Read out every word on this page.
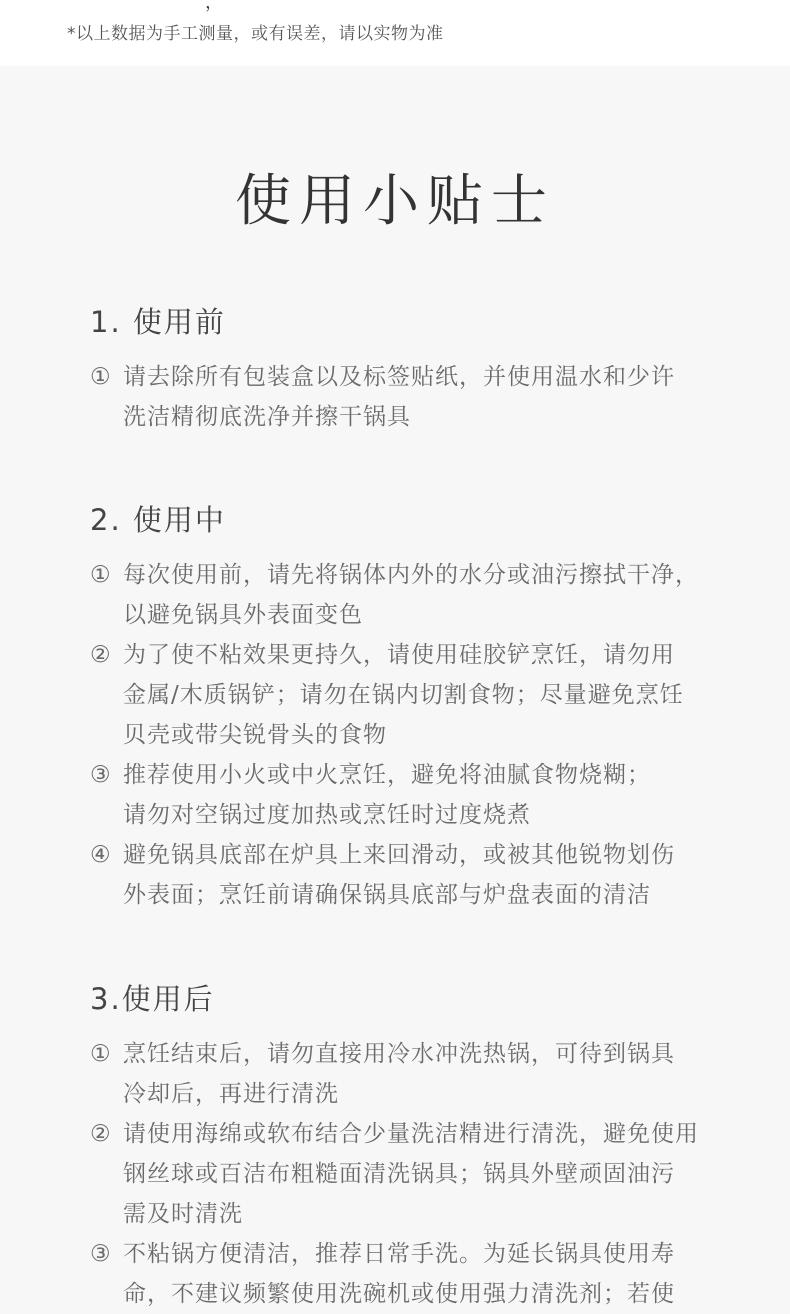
，
*以上数据为手工测量，或有误差，请以实物为准
使用小贴士
1. 使用前
① 请去除所有包装盒以及标签贴纸，并使用温水和少许
洗洁精彻底洗净并擦干锅具
2. 使用中
① 每次使用前，请先将锅体内外的水分或油污擦拭干净，
以避免锅具外表面变色
② 为了使不粘效果更持久，请使用硅胶铲烹饪，请勿用
金属/木质锅铲；请勿在锅内切割食物；尽量避免烹饪
贝壳或带尖锐骨头的食物
③ 推荐使用小火或中火烹饪，避免将油腻食物烧糊；
请勿对空锅过度加热或烹饪时过度烧煮
④ 避免锅具底部在炉具上来回滑动，或被其他锐物划伤
外表面；烹饪前请确保锅具底部与炉盘表面的清洁
3.使用后
① 烹饪结束后，请勿直接用冷水冲洗热锅，可待到锅具
冷却后，再进行清洗
② 请使用海绵或软布结合少量洗洁精进行清洗，避免使用
钢丝球或百洁布粗糙面清洗锅具；锅具外壁顽固油污
需及时清洗
③ 不粘锅方便清洁，推荐日常手洗。为延长锅具使用寿
命，不建议频繁使用洗碗机或使用强力清洗剂；若使
